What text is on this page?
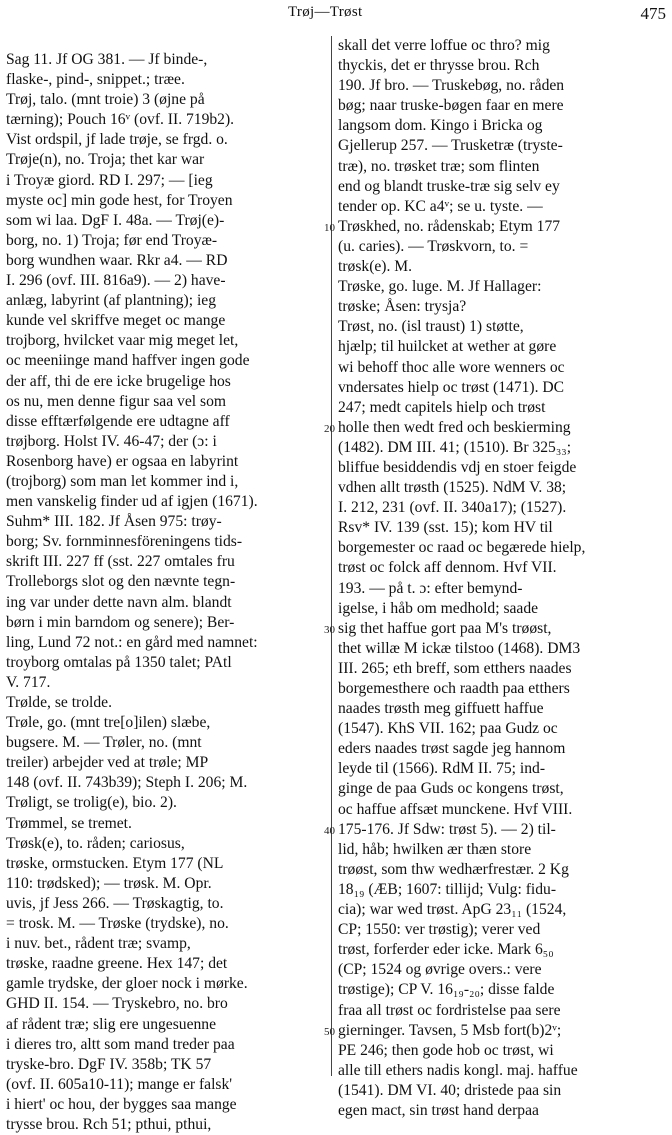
Trøj—Trøst	475
Sag 11. Jf OG 381. — Jf binde-,
flaske-, pind-, snippet.; træe.
Trøj, talo. (mnt troie) 3 (øjne på
tærning); Pouch 16ᵛ (ovf. II. 719b2).
Vist ordspil, jf lade trøje, se frgd. o.
Trøje(n), no. Troja; thet kar war
i Troyæ giord. RD I. 297; — [ieg
myste oc] min gode hest, for Troyen
som wi laa. DgF I. 48a. — Trøj(e)-
borg, no. 1) Troja; før end Troyæ-
borg wundhen waar. Rkr a4. — RD
I. 296 (ovf. III. 816a9). — 2) have-
anlæg, labyrint (af plantning); ieg
kunde vel skriffve meget oc mange
trojborg, hvilcket vaar mig meget let,
oc meeniinge mand haffver ingen gode
der aff, thi de ere icke brugelige hos
os nu, men denne figur saa vel som
disse efftærfølgende ere udtagne aff
trøjborg. Holst IV. 46-47; der (ɔ: i
Rosenborg have) er ogsaa en labyrint
(trojborg) som man let kommer ind i,
men vanskelig finder ud af igjen (1671).
Suhm* III. 182. Jf Åsen 975: trøy-
borg; Sv. fornminnesföreningens tids-
skrift III. 227 ff (sst. 227 omtales fru
Trolleborgs slot og den nævnte tegn-
ing var under dette navn alm. blandt
børn i min barndom og senere); Ber-
ling, Lund 72 not.: en gård med namnet:
troyborg omtalas på 1350 talet; PAtl
V. 717.
Trølde, se trolde.
Trøle, go. (mnt tre[o]ilen) slæbe,
bugsere. M. — Trøler, no. (mnt
treiler) arbejder ved at trøle; MP
148 (ovf. II. 743b39); Steph I. 206; M.
Trøligt, se trolig(e), bio. 2).
Trømmel, se tremet.
Trøsk(e), to. råden; cariosus,
trøske, ormstucken. Etym 177 (NL
110: trødsked); — trøsk. M. Opr.
uvis, jf Jess 266. — Trøskagtig, to.
= trosk. M. — Trøske (trydske), no.
i nuv. bet., rådent træ; svamp,
trøske, raadne greene. Hex 147; det
gamle trydske, der gloer nock i mørke.
GHD II. 154. — Tryskebro, no. bro
af rådent træ; slig ere ungesuenne
i dieres tro, altt som mand treder paa
tryske-bro. DgF IV. 358b; TK 57
(ovf. II. 605a10-11); mange er falsk'
i hiert' oc hou, der bygges saa mange
trysse brou. Rch 51; pthui, pthui,
skall det verre loffue oc thro? mig
thyckis, det er thrysse brou. Rch
190. Jf bro. — Truskebøg, no. råden
bøg; naar truske-bøgen faar en mere
langsom dom. Kingo i Bricka og
Gjellerup 257. — Trusketræ (tryste-
træ), no. trøsket træ; som flinten
end og blandt truske-træ sig selv ey
tender op. KC a4ᵛ; se u. tyste. —
Trøskhed, no. rådenskab; Etym 177
(u. caries). — Trøskvorn, to. =
trøsk(e). M.
Trøske, go. luge. M. Jf Hallager:
trøske; Åsen: trysja?
Trøst, no. (isl traust) 1) støtte,
hjælp; til huilcket at wether at gøre
wi behoff thoc alle wore wenners oc
vndersates hielp oc trøst (1471). DC
247; medt capitels hielp och trøst
holle then wedt fred och beskierming
(1482). DM III. 41; (1510). Br 325₃₃;
bliffue besiddendis vdj en stoer feigde
vdhen allt trøsth (1525). NdM V. 38;
I. 212, 231 (ovf. II. 340a17); (1527).
Rsv* IV. 139 (sst. 15); kom HV til
borgemester oc raad oc begærede hielp,
trøst oc folck aff dennom. Hvf VII.
193. — på t. ɔ: efter bemynd-
igelse, i håb om medhold; saade
sig thet haffue gort paa M's trøøst,
thet willæ M ickæ tilstoo (1468). DM3
III. 265; eth breff, som etthers naades
borgemesthere och raadth paa etthers
naades trøsth meg giffuett haffue
(1547). KhS VII. 162; paa Gudz oc
eders naades trøst sagde jeg hannom
leyde til (1566). RdM II. 75; ind-
ginge de paa Guds oc kongens trøst,
oc haffue affsæt munckene. Hvf VIII.
175-176. Jf Sdw: trøst 5). — 2) til-
lid, håb; hwilken ær thæn store
trøøst, som thw wedhærfrestær. 2 Kg
18₁₉ (ÆB; 1607: tillijd; Vulg: fidu-
cia); war wed trøst. ApG 23₁₁ (1524,
CP; 1550: ver trøstig); verer ved
trøst, forferder eder icke. Mark 6₅₀
(CP; 1524 og øvrige overs.: vere
trøstige); CP V. 16₁₉-₂₀; disse falde
fraa all trøst oc fordristelse paa sere
gierninger. Tavsen, 5 Msb fort(b)2ᵛ;
PE 246; then gode hob oc trøst, wi
alle till ethers nadis kongl. maj. haffue
(1541). DM VI. 40; dristede paa sin
egen mact, sin trøst hand derpaa
10
20
30
40
50
